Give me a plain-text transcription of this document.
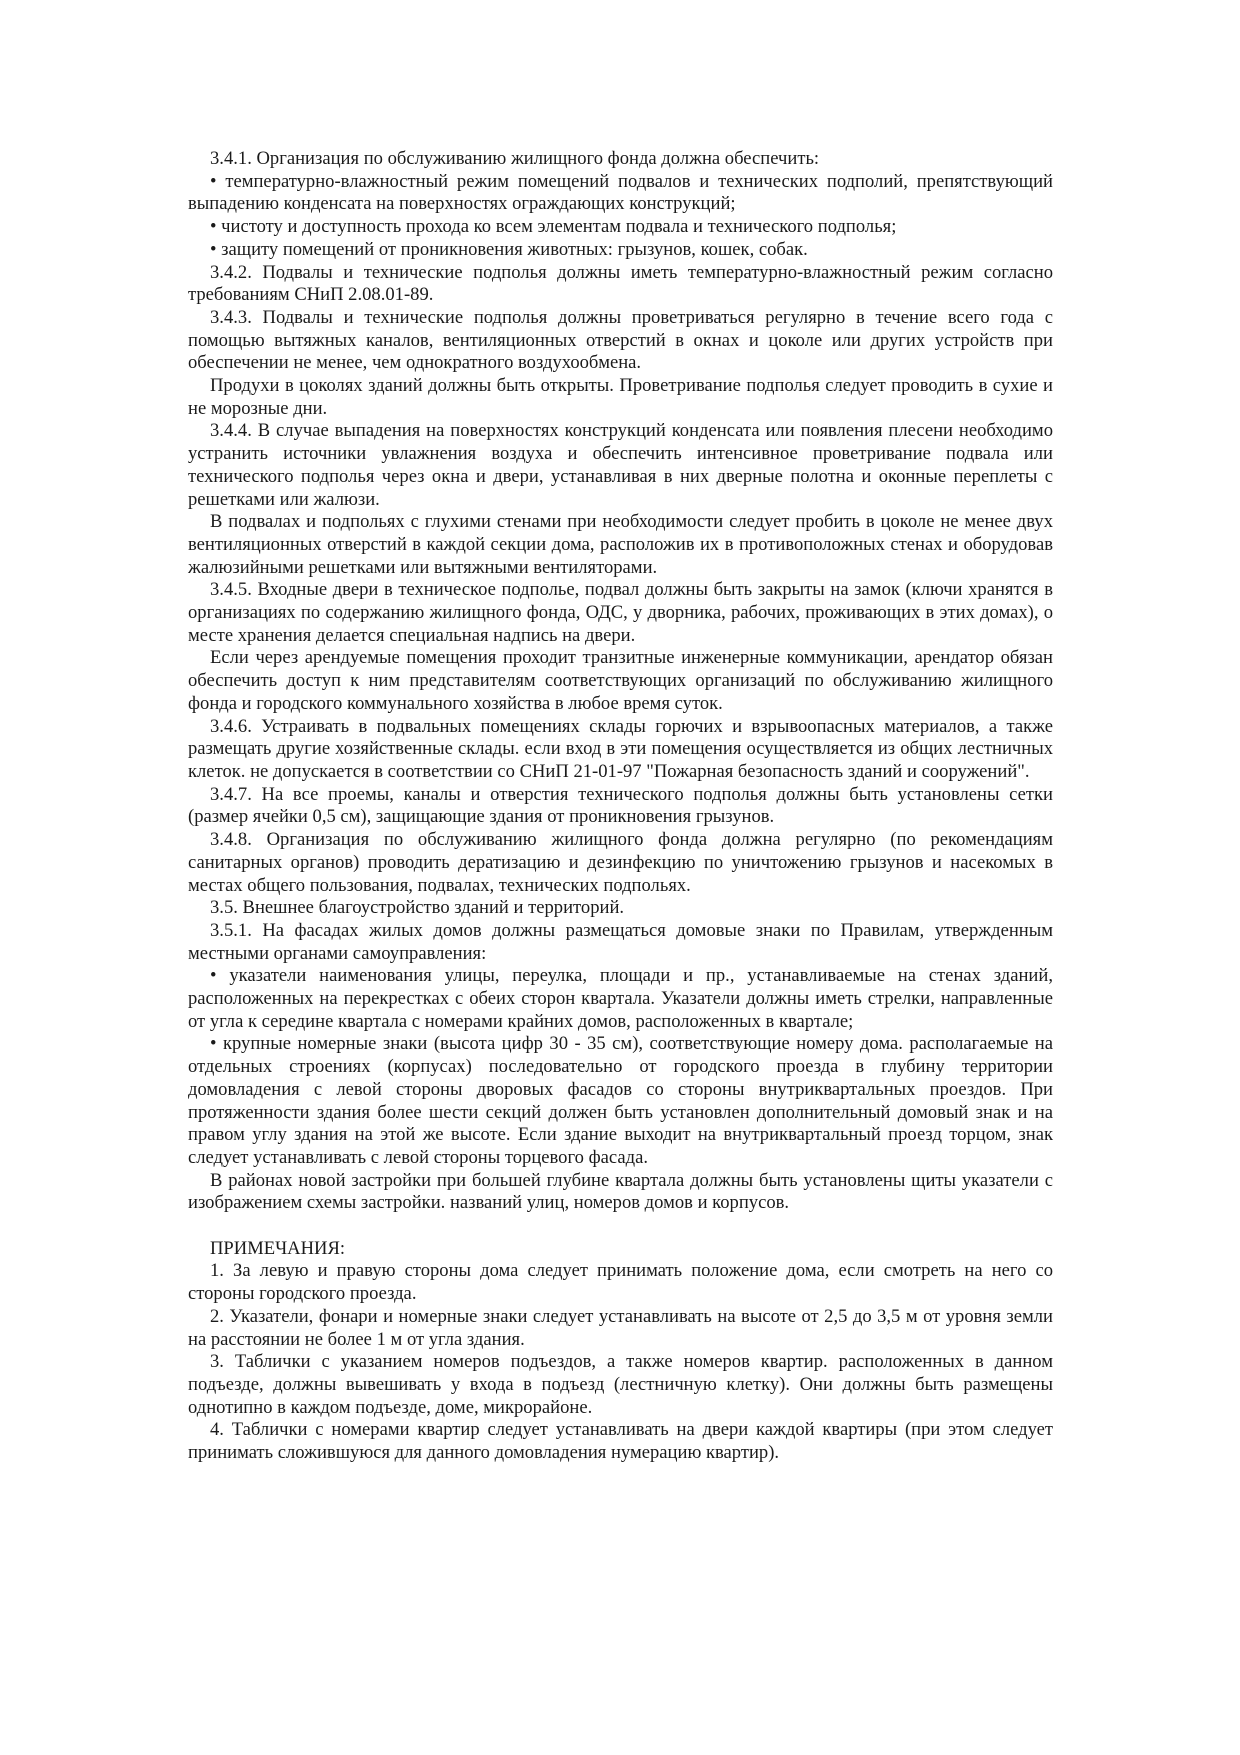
3.4.1. Организация по обслуживанию жилищного фонда должна обеспечить:

• температурно-влажностный режим помещений подвалов и технических подполий, препятствующий выпадению конденсата на поверхностях ограждающих конструкций;

• чистоту и доступность прохода ко всем элементам подвала и технического подполья;

• защиту помещений от проникновения животных: грызунов, кошек, собак.

3.4.2. Подвалы и технические подполья должны иметь температурно-влажностный режим согласно требованиям СНиП 2.08.01-89.

3.4.3. Подвалы и технические подполья должны проветриваться регулярно в течение всего года с помощью вытяжных каналов, вентиляционных отверстий в окнах и цоколе или других устройств при обеспечении не менее, чем однократного воздухообмена.

Продухи в цоколях зданий должны быть открыты. Проветривание подполья следует проводить в сухие и не морозные дни.

3.4.4. В случае выпадения на поверхностях конструкций конденсата или появления плесени необходимо устранить источники увлажнения воздуха и обеспечить интенсивное проветривание подвала или технического подполья через окна и двери, устанавливая в них дверные полотна и оконные переплеты с решетками или жалюзи.

В подвалах и подпольях с глухими стенами при необходимости следует пробить в цоколе не менее двух вентиляционных отверстий в каждой секции дома, расположив их в противоположных стенах и оборудовав жалюзийными решетками или вытяжными вентиляторами.

3.4.5. Входные двери в техническое подполье, подвал должны быть закрыты на замок (ключи хранятся в организациях по содержанию жилищного фонда, ОДС, у дворника, рабочих, проживающих в этих домах), о месте хранения делается специальная надпись на двери.

Если через арендуемые помещения проходит транзитные инженерные коммуникации, арендатор обязан обеспечить доступ к ним представителям соответствующих организаций по обслуживанию жилищного фонда и городского коммунального хозяйства в любое время суток.

3.4.6. Устраивать в подвальных помещениях склады горючих и взрывоопасных материалов, а также размещать другие хозяйственные склады. если вход в эти помещения осуществляется из общих лестничных клеток. не допускается в соответствии со СНиП 21-01-97 "Пожарная безопасность зданий и сооружений".

3.4.7. На все проемы, каналы и отверстия технического подполья должны быть установлены сетки (размер ячейки 0,5 см), защищающие здания от проникновения грызунов.

3.4.8. Организация по обслуживанию жилищного фонда должна регулярно (по рекомендациям санитарных органов) проводить дератизацию и дезинфекцию по уничтожению грызунов и насекомых в местах общего пользования, подвалах, технических подпольях.

3.5. Внешнее благоустройство зданий и территорий.

3.5.1. На фасадах жилых домов должны размещаться домовые знаки по Правилам, утвержденным местными органами самоуправления:

• указатели наименования улицы, переулка, площади и пр., устанавливаемые на стенах зданий, расположенных на перекрестках с обеих сторон квартала. Указатели должны иметь стрелки, направленные от угла к середине квартала с номерами крайних домов, расположенных в квартале;

• крупные номерные знаки (высота цифр 30 - 35 см), соответствующие номеру дома. располагаемые на отдельных строениях (корпусах) последовательно от городского проезда в глубину территории домовладения с левой стороны дворовых фасадов со стороны внутриквартальных проездов. При протяженности здания более шести секций должен быть установлен дополнительный домовый знак и на правом углу здания на этой же высоте. Если здание выходит на внутриквартальный проезд торцом, знак следует устанавливать с левой стороны торцевого фасада.

В районах новой застройки при большей глубине квартала должны быть установлены щиты указатели с изображением схемы застройки. названий улиц, номеров домов и корпусов.

ПРИМЕЧАНИЯ:

1. За левую и правую стороны дома следует принимать положение дома, если смотреть на него со стороны городского проезда.

2. Указатели, фонари и номерные знаки следует устанавливать на высоте от 2,5 до 3,5 м от уровня земли на расстоянии не более 1 м от угла здания.

3. Таблички с указанием номеров подъездов, а также номеров квартир. расположенных в данном подъезде, должны вывешивать у входа в подъезд (лестничную клетку). Они должны быть размещены однотипно в каждом подъезде, доме, микрорайоне.

4. Таблички с номерами квартир следует устанавливать на двери каждой квартиры (при этом следует принимать сложившуюся для данного домовладения нумерацию квартир).
